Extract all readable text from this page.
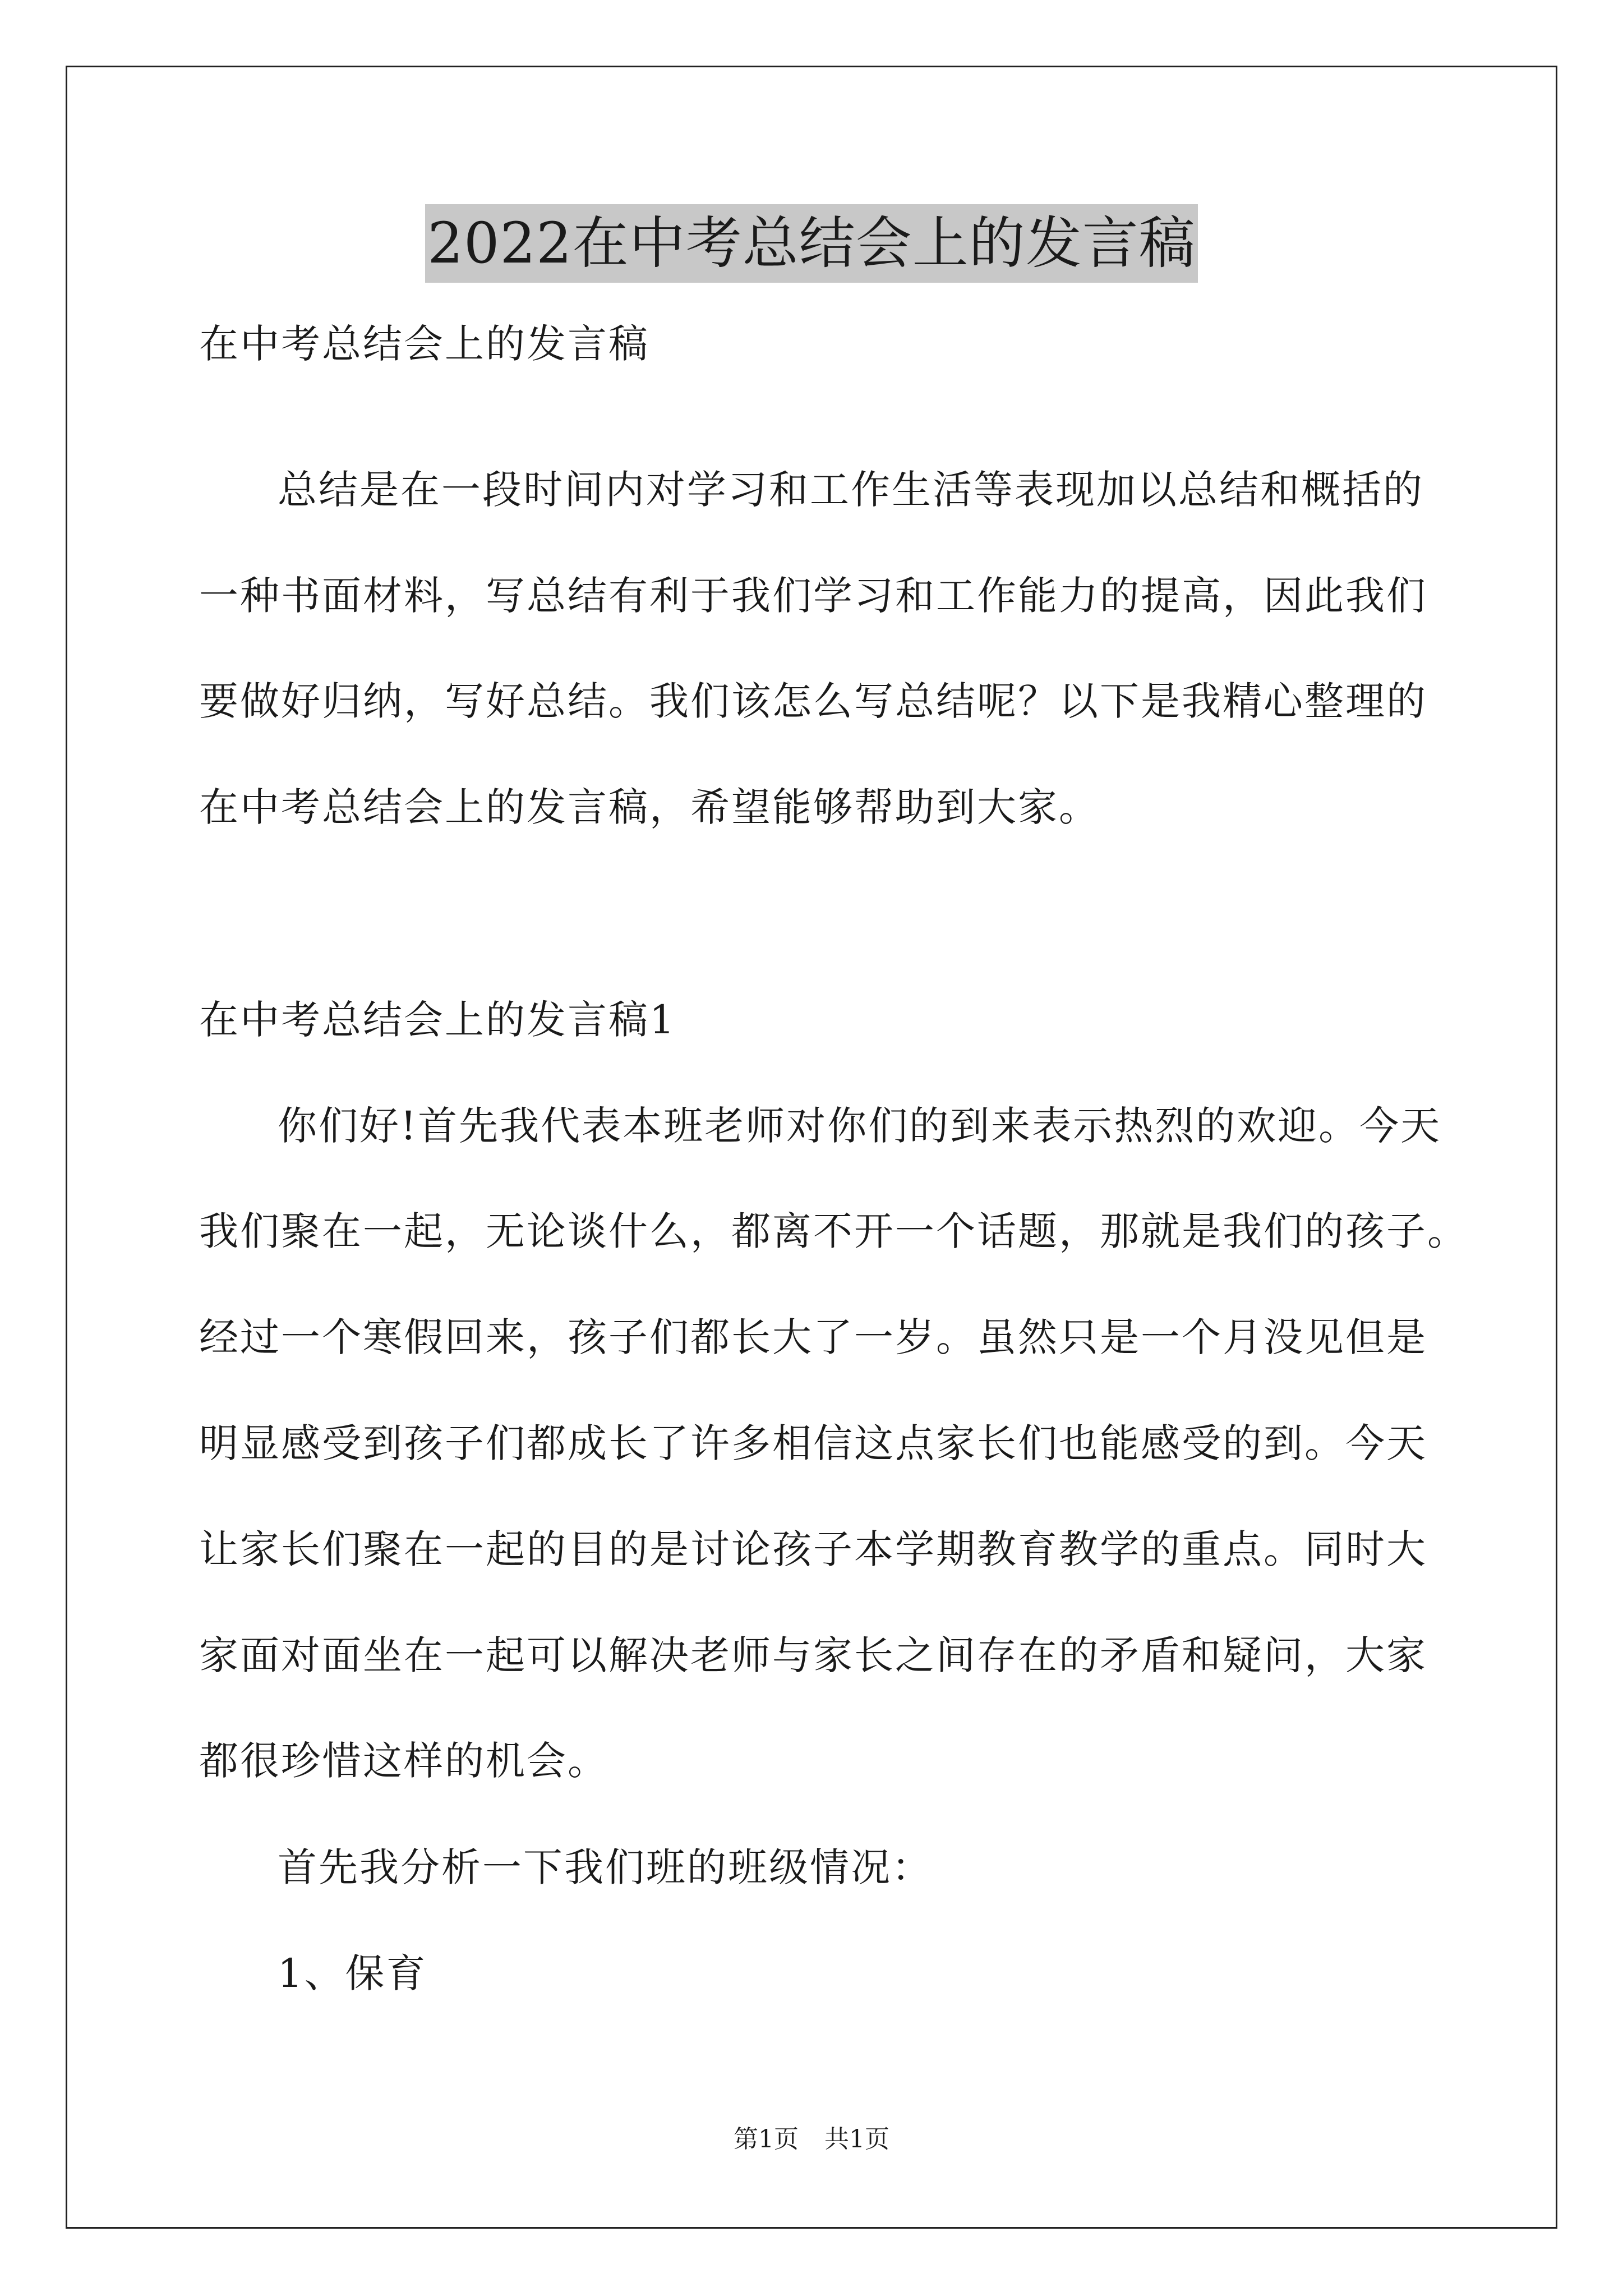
2022在中考总结会上的发言稿
在中考总结会上的发言稿
总结是在一段时间内对学习和工作生活等表现加以总结和概括的
一种书面材料，写总结有利于我们学习和工作能力的提高，因此我们
要做好归纳，写好总结。我们该怎么写总结呢？以下是我精心整理的
在中考总结会上的发言稿，希望能够帮助到大家。
在中考总结会上的发言稿1
你们好!首先我代表本班老师对你们的到来表示热烈的欢迎。今天
我们聚在一起，无论谈什么，都离不开一个话题，那就是我们的孩子。
经过一个寒假回来，孩子们都长大了一岁。虽然只是一个月没见但是
明显感受到孩子们都成长了许多相信这点家长们也能感受的到。今天
让家长们聚在一起的目的是讨论孩子本学期教育教学的重点。同时大
家面对面坐在一起可以解决老师与家长之间存在的矛盾和疑问，大家
都很珍惜这样的机会。
首先我分析一下我们班的班级情况：
1、保育
第1页 共1页
